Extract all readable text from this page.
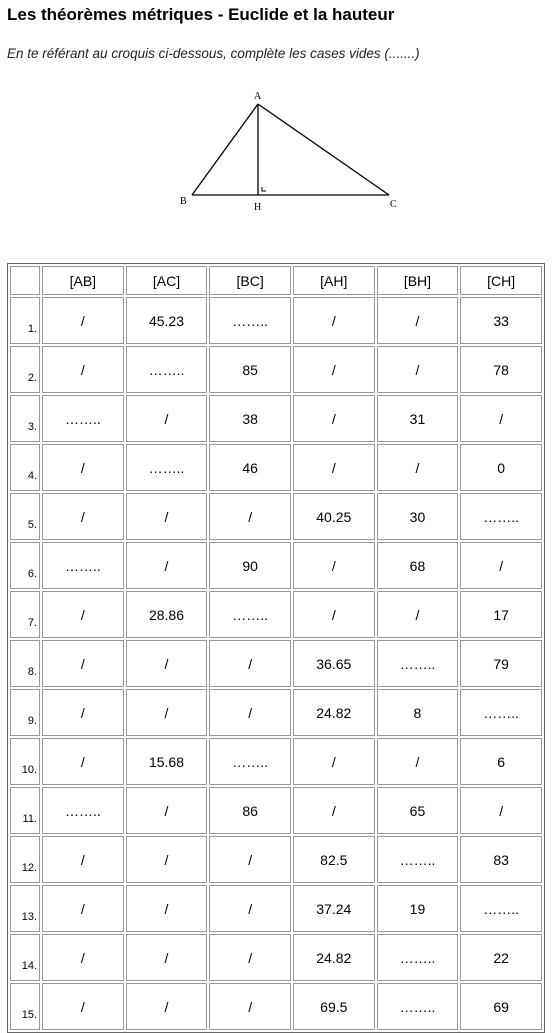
Les théorèmes métriques - Euclide et la hauteur
En te référant au croquis ci-dessous, complète les cases vides (.......)
A
B
H	C
	[AB]	[AC]	[BC]	[AH]	[BH]	[CH]
1.	/	45.23	……..	/	/	33
2.	/	……..	85	/	/	78
3.	……..	/	38	/	31	/
4.	/	……..	46	/	/	0
5.	/	/	/	40.25	30	……..
6.	……..	/	90	/	68	/
7.	/	28.86	……..	/	/	17
8.	/	/	/	36.65	……..	79
9.	/	/	/	24.82	8	……..
10.	/	15.68	……..	/	/	6
11.	……..	/	86	/	65	/
12.	/	/	/	82.5	……..	83
13.	/	/	/	37.24	19	……..
14.	/	/	/	24.82	……..	22
15.	/	/	/	69.5	……..	69
